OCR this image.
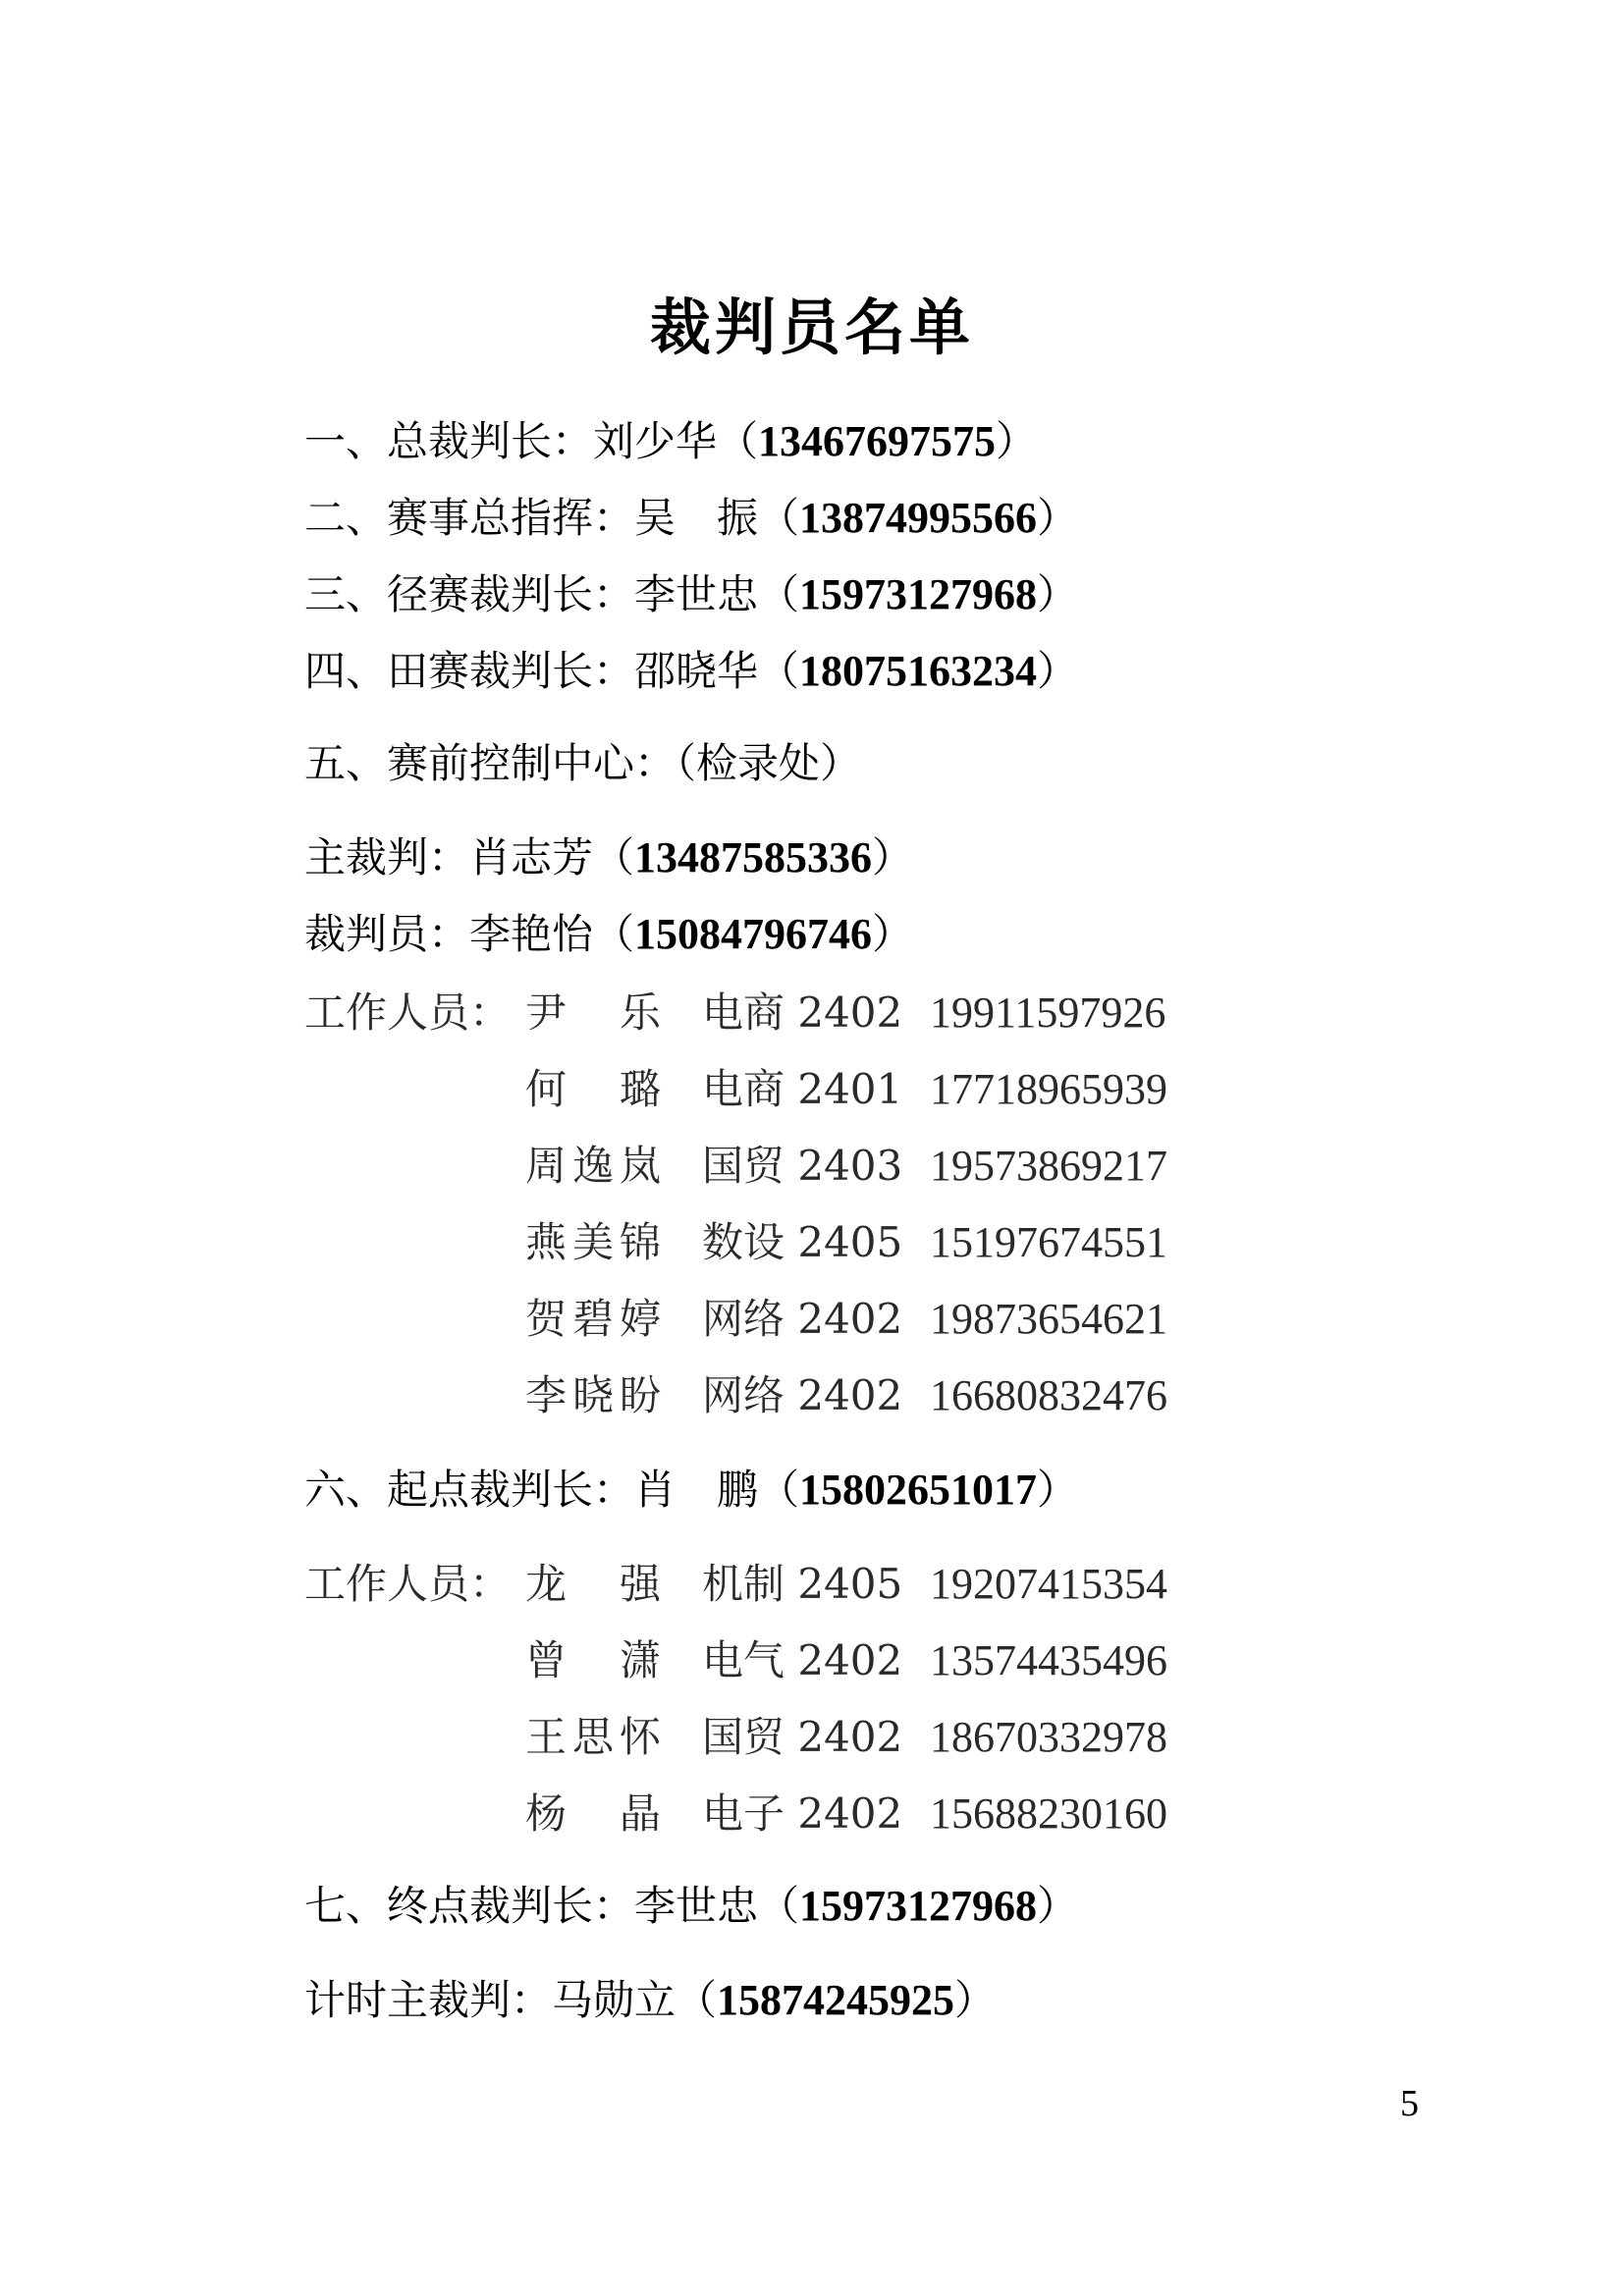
裁判员名单
一、总裁判长：刘少华（13467697575）
二、赛事总指挥：吴　振（13874995566）
三、径赛裁判长：李世忠（15973127968）
四、田赛裁判长：邵晓华（18075163234）
五、赛前控制中心：（检录处）
主裁判：肖志芳（13487585336）
裁判员：李艳怡（15084796746）
工作人员： 尹　乐 电商 2402 19911597926
何　璐 电商 2401 17718965939
周逸岚 国贸 2403 19573869217
燕美锦 数设 2405 15197674551
贺碧婷 网络 2402 19873654621
李晓盼 网络 2402 16680832476
六、起点裁判长：肖　鹏（15802651017）
工作人员： 龙　强 机制 2405 19207415354
曾　潇 电气 2402 13574435496
王思怀 国贸 2402 18670332978
杨　晶 电子 2402 15688230160
七、终点裁判长：李世忠（15973127968）
计时主裁判：马勋立（15874245925）
5
